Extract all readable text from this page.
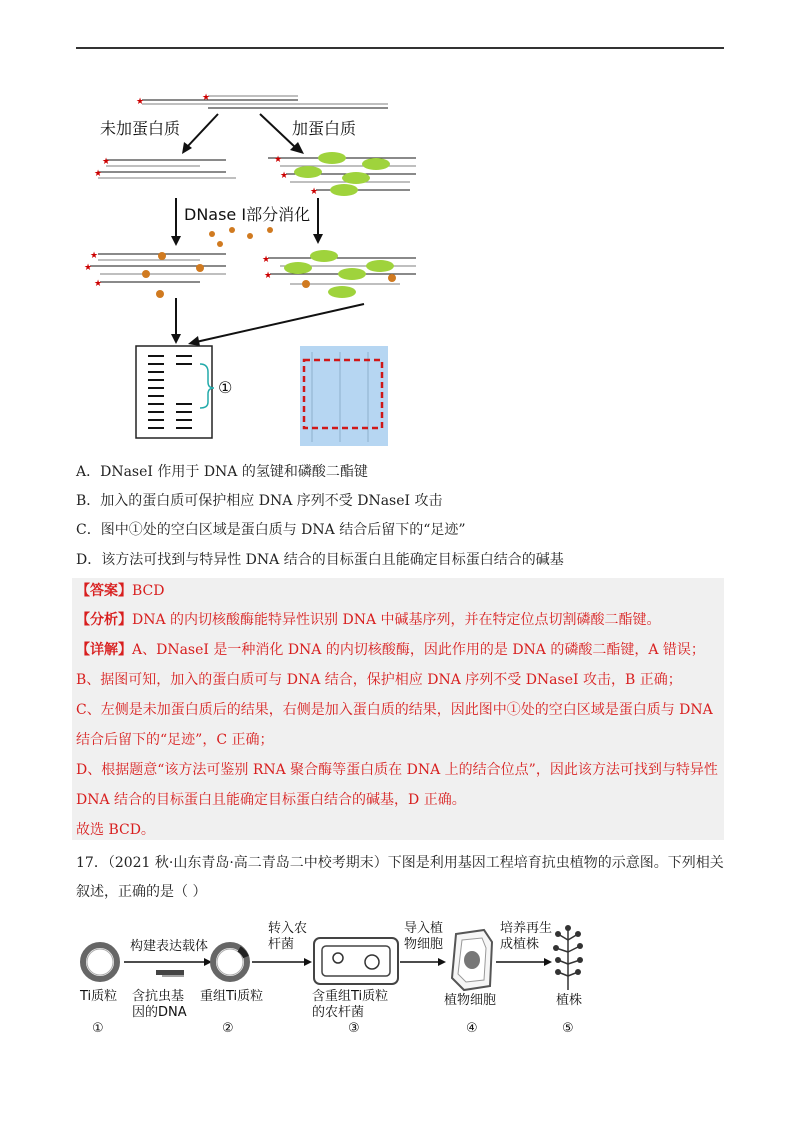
★	★
未加蛋白质	加蛋白质
★
★	★
★
★
DNase I部分消化
★
★
★
★
★
①
A．DNaseI 作用于 DNA 的氢键和磷酸二酯键
B．加入的蛋白质可保护相应 DNA 序列不受 DNaseI 攻击
C．图中①处的空白区域是蛋白质与 DNA 结合后留下的“足迹”
D．该方法可找到与特异性 DNA 结合的目标蛋白且能确定目标蛋白结合的碱基

【答案】BCD

【分析】DNA 的内切核酸酶能特异性识别 DNA 中碱基序列，并在特定位点切割磷酸二酯键。

【详解】A、DNaseI 是一种消化 DNA 的内切核酸酶，因此作用的是 DNA 的磷酸二酯键，A 错误；

B、据图可知，加入的蛋白质可与 DNA 结合，保护相应 DNA 序列不受 DNaseI 攻击，B 正确；

C、左侧是未加蛋白质后的结果，右侧是加入蛋白质的结果，因此图中①处的空白区域是蛋白质与 DNA

结合后留下的“足迹”，C 正确；

D、根据题意“该方法可鉴别 RNA 聚合酶等蛋白质在 DNA 上的结合位点”，因此该方法可找到与特异性

DNA 结合的目标蛋白且能确定目标蛋白结合的碱基，D 正确。

故选 BCD。

17．（2021 秋·山东青岛·高二青岛二中校考期末）下图是利用基因工程培育抗虫植物的示意图。下列相关
叙述，正确的是（ ）
Ti质粒
①
构建表达载体
含抗虫基
因的DNA
重组Ti质粒
②
转入农
杆菌
含重组Ti质粒
的农杆菌
③
导入植
物细胞
植物细胞
④
培养再生
成植株
植株
⑤
